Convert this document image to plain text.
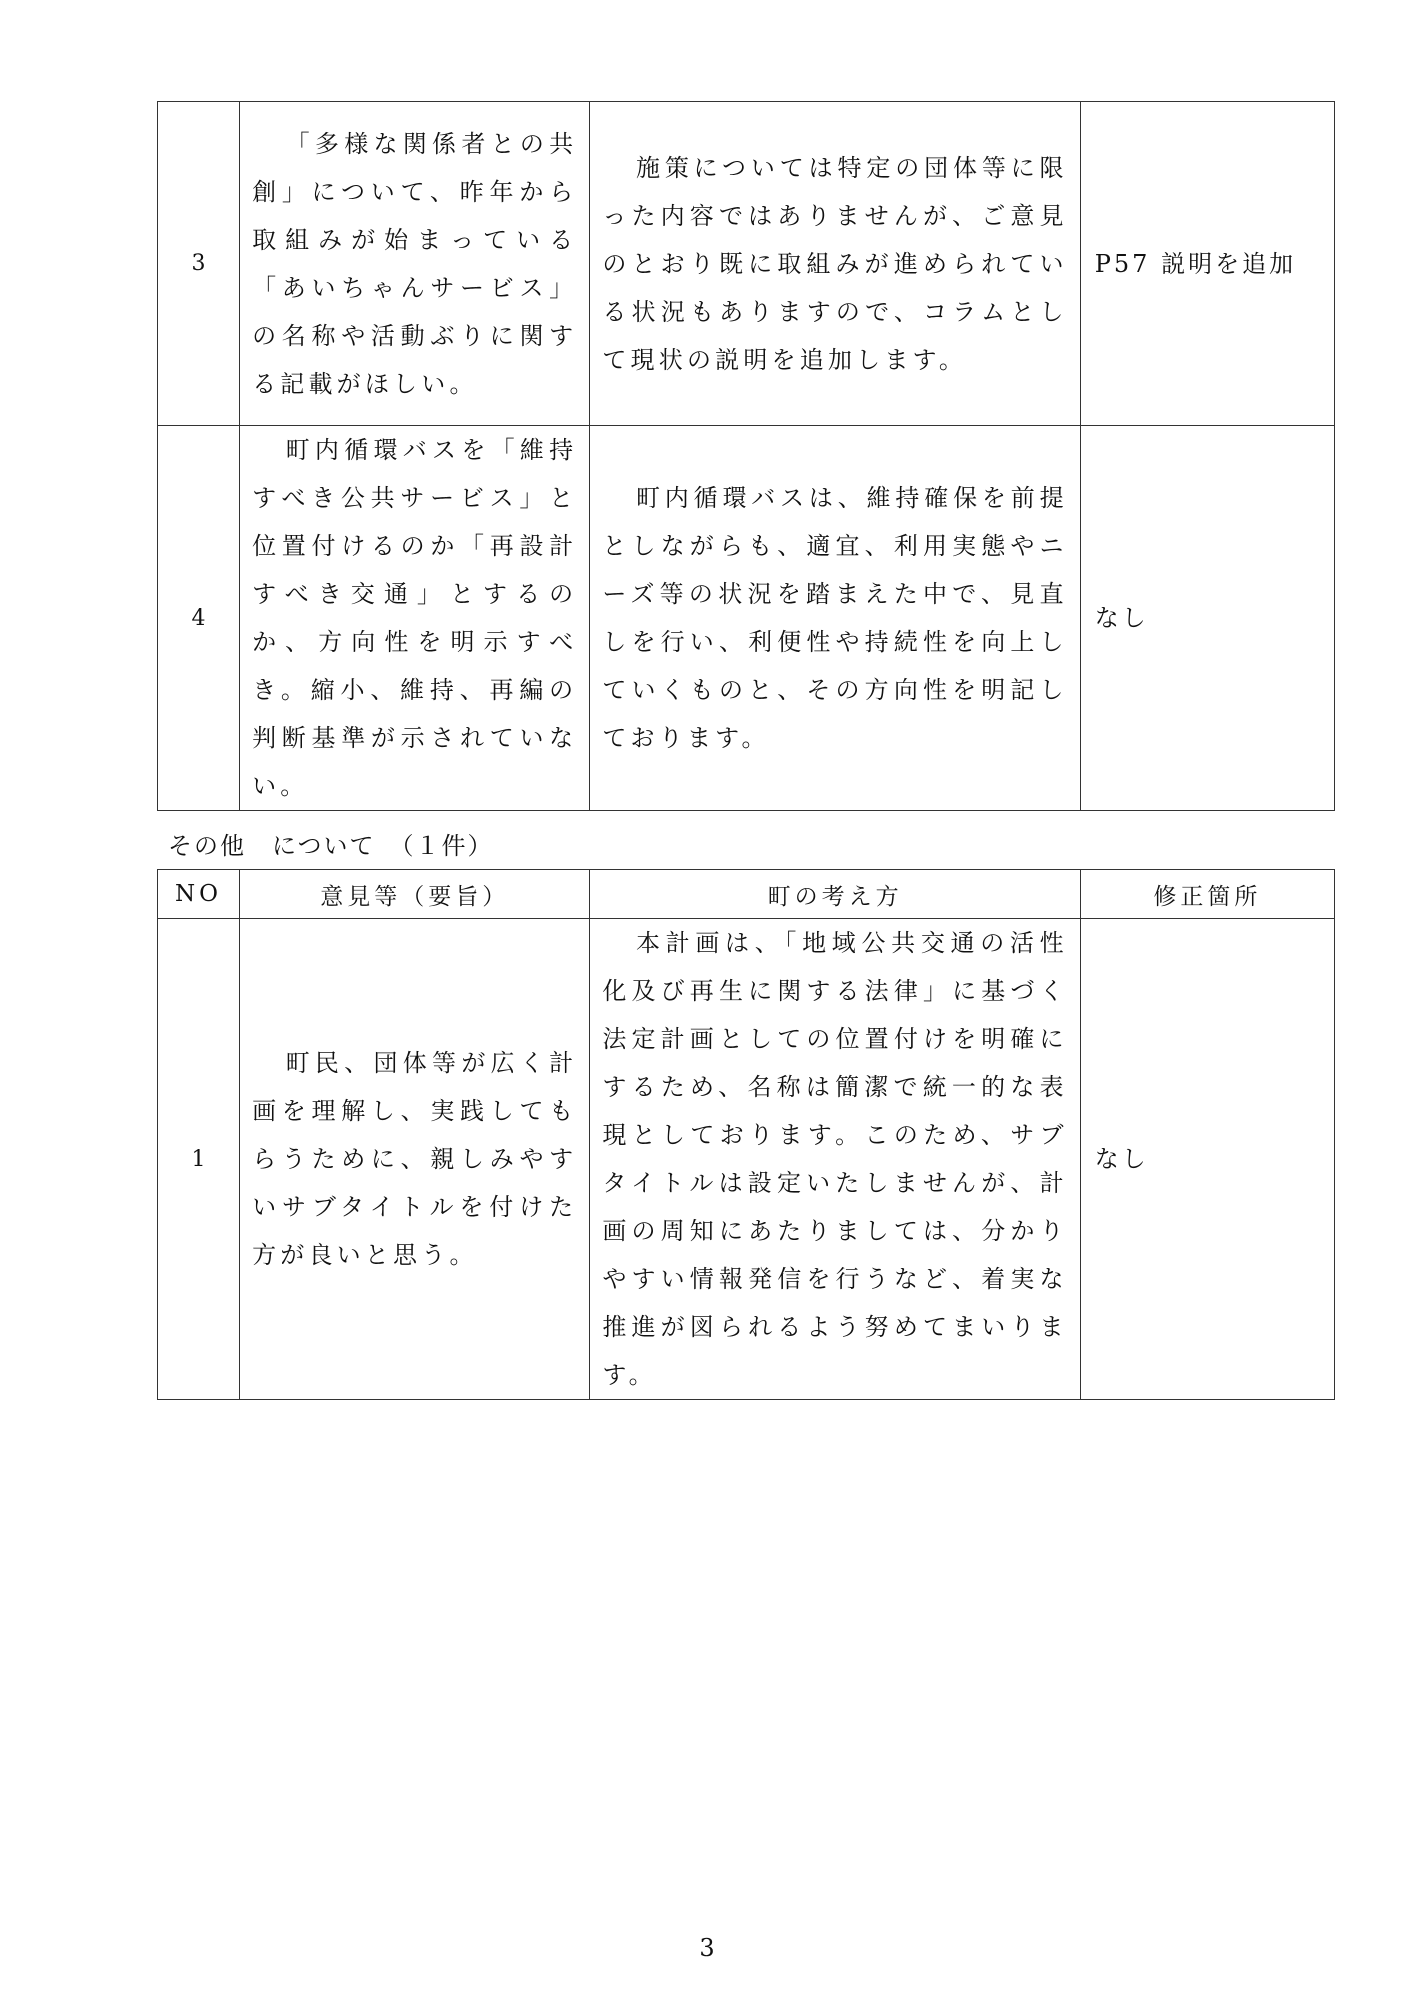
3	「多様な関係者との共創」について、昨年から取組みが始まっている「あいちゃんサービス」の名称や活動ぶりに関する記載がほしい。	施策については特定の団体等に限った内容ではありませんが、ご意見のとおり既に取組みが進められている状況もありますので、コラムとして現状の説明を追加します。	P57 説明を追加

4	町内循環バスを「維持すべき公共サービス」と位置付けるのか「再設計すべき交通」とするのか、方向性を明示すべき。縮小、維持、再編の判断基準が示されていない。	町内循環バスは、維持確保を前提としながらも、適宜、利用実態やニーズ等の状況を踏まえた中で、見直しを行い、利便性や持続性を向上していくものと、その方向性を明記しております。	なし
その他　について　（１件）
NO	意見等（要旨）	町の考え方	修正箇所
1	町民、団体等が広く計画を理解し、実践してもらうために、親しみやすいサブタイトルを付けた方が良いと思う。	本計画は、「地域公共交通の活性化及び再生に関する法律」に基づく法定計画としての位置付けを明確にするため、名称は簡潔で統一的な表現としております。このため、サブタイトルは設定いたしませんが、計画の周知にあたりましては、分かりやすい情報発信を行うなど、着実な推進が図られるよう努めてまいります。	なし
3
